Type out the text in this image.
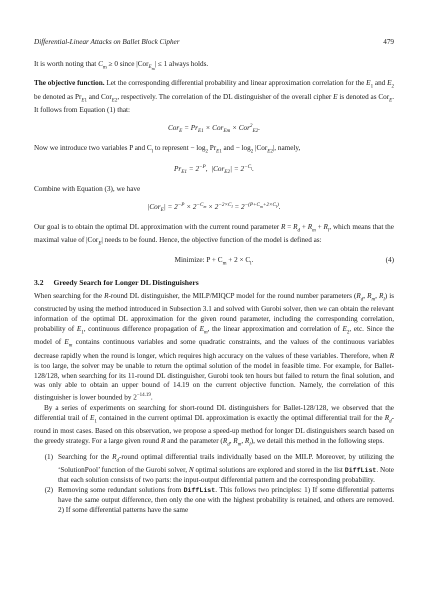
Differential-Linear Attacks on Ballet Block Cipher	479

It is worth noting that $C_m \ge 0$ since |Cor$_{E_m}$| ≤ 1 always holds.

The objective function. Let the corresponding differential probability and linear approximation correlation for the $E_1$ and $E_2$ be denoted as $Pr_{E1}$ and Cor$_{E2}$, respectively. The correlation of the DL distinguisher of the overall cipher E is denoted as Cor$_E$. It follows from Equation (1) that:

$Cor_E = Pr_{E1} \times Cor_{Em} \times Cor^2_{E2}$.

Now we introduce two variables P and $C_l$ to represent − $\log_2 Pr_{E1}$ and − $\log_2 |Cor_{E2}|$, namely,

$Pr_{E1} = 2^{-P}$,  $|Cor_{E2}| = 2^{-C_l}$.

Combine with Equation (3), we have

$|Cor_E| = 2^{-P} \times 2^{-C_m} \times 2^{-2\times C_l} = 2^{-(P+C_m+2\times C_l)}$.

Our goal is to obtain the optimal DL approximation with the current round parameter $R = R_d + R_m + R_l$, which means that the maximal value of |Cor$_E$| needs to be found. Hence, the objective function of the model is defined as:

Minimize: $P + C_m + 2 \times C_l$.	(4)
3.2 Greedy Search for Longer DL Distinguishers

When searching for the R-round DL distinguisher, the MILP/MIQCP model for the round number parameters ($R_d$, $R_m$, $R_l$) is constructed by using the method introduced in Subsection 3.1 and solved with Gurobi solver, then we can obtain the relevant information of the optimal DL approximation for the given round parameter, including the corresponding correlation, probability of $E_1$, continuous difference propagation of $E_m$, the linear approximation and correlation of $E_2$, etc. Since the model of $E_m$ contains continuous variables and some quadratic constraints, and the values of the continuous variables decrease rapidly when the round is longer, which requires high accuracy on the values of these variables. Therefore, when R is too large, the solver may be unable to return the optimal solution of the model in feasible time. For example, for Ballet-128/128, when searching for its 11-round DL distinguisher, Gurobi took ten hours but failed to return the final solution, and was only able to obtain an upper bound of 14.19 on the current objective function. Namely, the correlation of this distinguisher is lower bounded by $2^{-14.19}$.

By a series of experiments on searching for short-round DL distinguishers for Ballet-128/128, we observed that the differential trail of $E_1$ contained in the current optimal DL approximation is exactly the optimal differential trail for the $R_d$-round in most cases. Based on this observation, we propose a speed-up method for longer DL distinguishers search based on the greedy strategy. For a large given round R and the parameter ($R_d$, $R_m$, $R_l$), we detail this method in the following steps.

(1) Searching for the $R_d$-round optimal differential trails individually based on the MILP. Moreover, by utilizing the ‘SolutionPool’ function of the Gurobi solver, N optimal solutions are explored and stored in the list DiffList. Note that each solution consists of two parts: the input-output differential pattern and the corresponding probability.
(2) Removing some redundant solutions from DiffList. This follows two principles: 1) If some differential patterns have the same output difference, then only the one with the highest probability is retained, and others are removed. 2) If some differential patterns have the same
